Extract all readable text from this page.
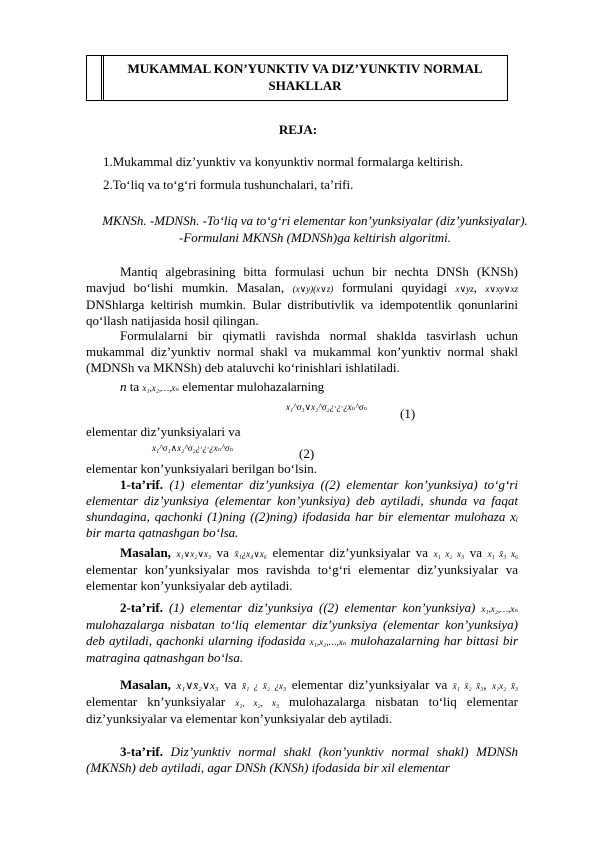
MUKAMMAL KON’YUNKTIV VA DIZ’YUNKTIV NORMAL SHAKLLAR
REJA:
1.Mukammal diz’yunktiv va konyunktiv normal formalarga keltirish.
2.To‘liq va to‘g‘ri formula tushunchalari, ta’rifi.
MKNSh. -MDNSh. -To‘liq va to‘g‘ri elementar kon’yunksiyalar (diz’yunksiyalar).
-Formulani MKNSh (MDNSh)ga keltirish algoritmi.
Mantiq algebrasining bitta formulasi uchun bir nechta DNSh (KNSh) mavjud bo‘lishi mumkin. Masalan, (x∨y)(x∨z) formulani quyidagi x∨yz, x∨xy∨xz DNShlarga keltirish mumkin. Bular distributivlik va idempotentlik qonunlarini qo‘llash natijasida hosil qilingan.
Formulalarni bir qiymatli ravishda normal shaklda tasvirlash uchun mukammal diz’yunktiv normal shakl va mukammal kon’yunktiv normal shakl (MDNSh va MKNSh) deb ataluvchi ko‘rinishlari ishlatiladi.
n ta x₁,x₂,…,xₙ elementar mulohazalarning
x₁^σ₁∨x₂^σ₂¿·¿·¿xₙ^σₙ	(1)
elementar diz’yunksiyalari va
x₁^σ₁∧x₂^σ₂¿·¿·¿xₙ^σₙ	(2)
elementar kon’yunksiyalari berilgan bo‘lsin.
1-ta’rif. (1) elementar diz’yunksiya ((2) elementar kon’yunksiya) to‘g‘ri elementar diz’yunksiya (elementar kon’yunksiya) deb aytiladi, shunda va faqat shundagina, qachonki (1)ning ((2)ning) ifodasida har bir elementar mulohaza xᵢ bir marta qatnashgan bo‘lsa.
Masalan, x₁∨x₂∨x₃ va x̄₁¿x₄∨x₆ elementar diz’yunksiyalar va x₁ x₂ x₃ va x₁ x̄₃ x₆ elementar kon’yunksiyalar mos ravishda to‘g‘ri elementar diz’yunksiyalar va elementar kon’yunksiyalar deb aytiladi.
2-ta’rif. (1) elementar diz’yunksiya ((2) elementar kon’yunksiya) x₁,x₂,…,xₙ mulohazalarga nisbatan to‘liq elementar diz’yunksiya (elementar kon’yunksiya) deb aytiladi, qachonki ularning ifodasida x₁,x₂,…,xₙ mulohazalarning har bittasi bir matragina qatnashgan bo‘lsa.
Masalan, x₁∨x̄₂∨x₃ va x̄₁ ¿ x̄₂ ¿x₃ elementar diz’yunksiyalar va x̄₁ x̄₂ x̄₃, x₁x₂ x̄₃ elementar kn’yunksiyalar x₁, x₂, x₃ mulohazalarga nisbatan to‘liq elementar diz’yunksiyalar va elementar kon’yunksiyalar deb aytiladi.
3-ta’rif. Diz’yunktiv normal shakl (kon’yunktiv normal shakl) MDNSh (MKNSh) deb aytiladi, agar DNSh (KNSh) ifodasida bir xil elementar
